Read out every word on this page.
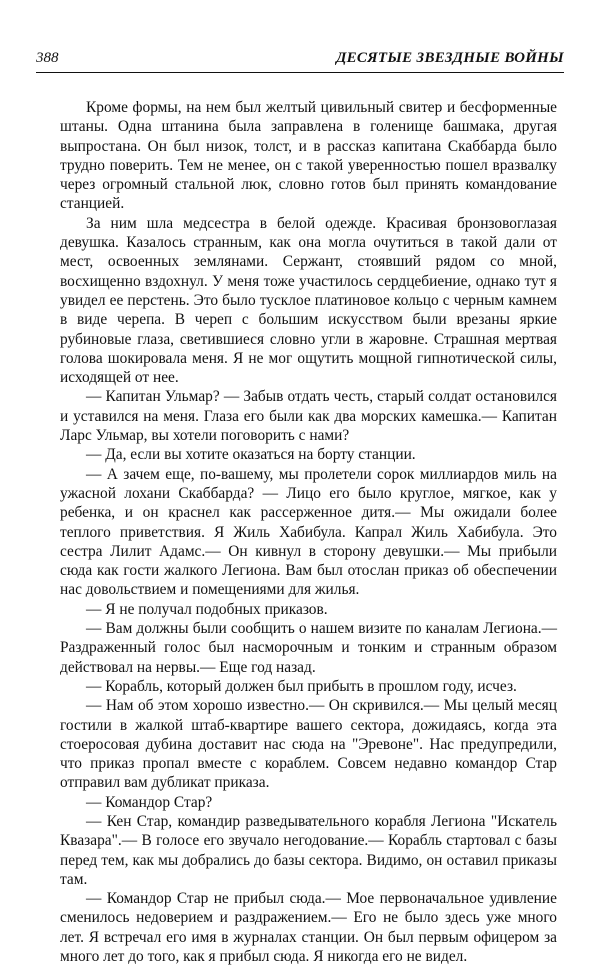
388	ДЕСЯТЫЕ ЗВЕЗДНЫЕ ВОЙНЫ

Кроме формы, на нем был желтый цивильный свитер и бесформенные штаны. Одна штанина была заправлена в голенище башмака, другая выпростана. Он был низок, толст, и в рассказ капитана Скаббарда было трудно поверить. Тем не менее, он с такой уверенностью пошел вразвалку через огромный стальной люк, словно готов был принять командование станцией.

За ним шла медсестра в белой одежде. Красивая бронзовоглазая девушка. Казалось странным, как она могла очутиться в такой дали от мест, освоенных землянами. Сержант, стоявший рядом со мной, восхищенно вздохнул. У меня тоже участилось сердцебиение, однако тут я увидел ее перстень. Это было тусклое платиновое кольцо с черным камнем в виде черепа. В череп с большим искусством были врезаны яркие рубиновые глаза, светившиеся словно угли в жаровне. Страшная мертвая голова шокировала меня. Я не мог ощутить мощной гипнотической силы, исходящей от нее.

— Капитан Ульмар? — Забыв отдать честь, старый солдат остановился и уставился на меня. Глаза его были как два морских камешка.— Капитан Ларс Ульмар, вы хотели поговорить с нами?

— Да, если вы хотите оказаться на борту станции.

— А зачем еще, по-вашему, мы пролетели сорок миллиардов миль на ужасной лохани Скаббарда? — Лицо его было круглое, мягкое, как у ребенка, и он краснел как рассерженное дитя.— Мы ожидали более теплого приветствия. Я Жиль Хабибула. Капрал Жиль Хабибула. Это сестра Лилит Адамс.— Он кивнул в сторону девушки.— Мы прибыли сюда как гости жалкого Легиона. Вам был отослан приказ об обеспечении нас довольствием и помещениями для жилья.

— Я не получал подобных приказов.

— Вам должны были сообщить о нашем визите по каналам Легиона.— Раздраженный голос был насморочным и тонким и странным образом действовал на нервы.— Еще год назад.

— Корабль, который должен был прибыть в прошлом году, исчез.

— Нам об этом хорошо известно.— Он скривился.— Мы целый месяц гостили в жалкой штаб-квартире вашего сектора, дожидаясь, когда эта стоеросовая дубина доставит нас сюда на "Эревоне". Нас предупредили, что приказ пропал вместе с кораблем. Совсем недавно командор Стар отправил вам дубликат приказа.

— Командор Стар?

— Кен Стар, командир разведывательного корабля Легиона "Искатель Квазара".— В голосе его звучало негодование.— Корабль стартовал с базы перед тем, как мы добрались до базы сектора. Видимо, он оставил приказы там.

— Командор Стар не прибыл сюда.— Мое первоначальное удивление сменилось недоверием и раздражением.— Его не было здесь уже много лет. Я встречал его имя в журналах станции. Он был первым офицером за много лет до того, как я прибыл сюда. Я никогда его не видел.
